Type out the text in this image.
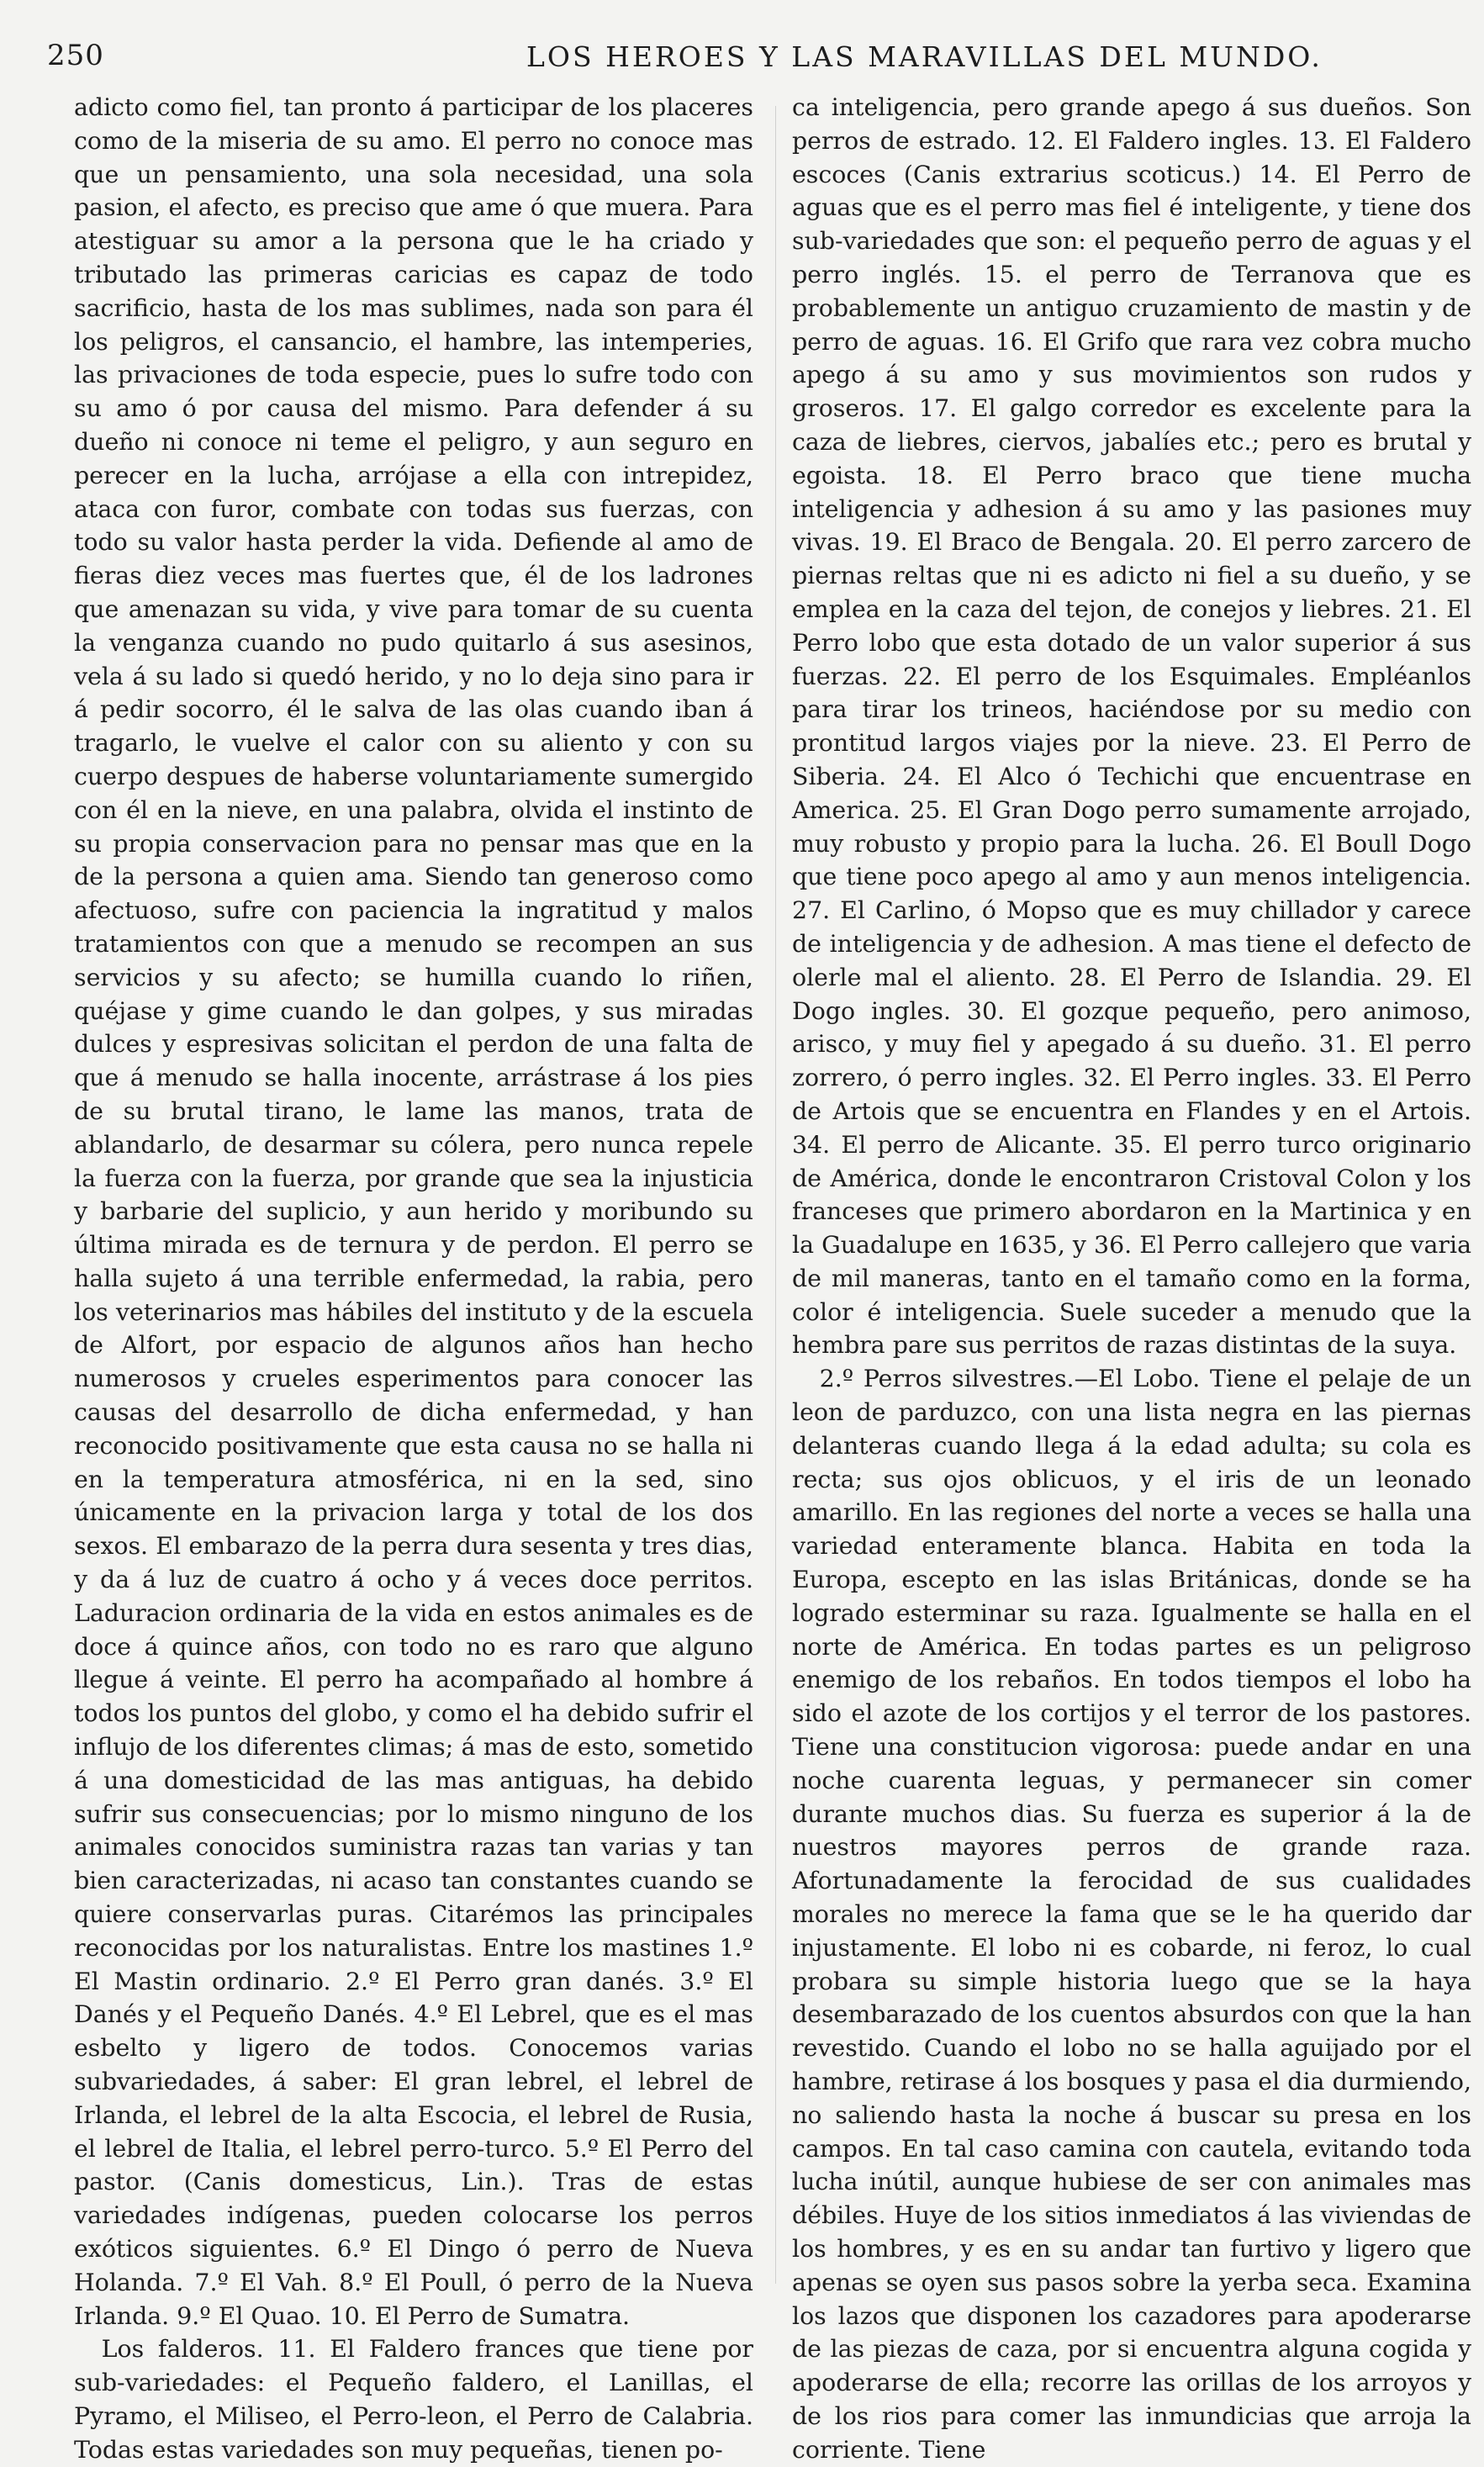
250	LOS HEROES Y LAS MARAVILLAS DEL MUNDO.

adicto como fiel, tan pronto á participar de los placeres como de la miseria de su amo. El perro no conoce mas que un pensamiento, una sola necesidad, una sola pasion, el afecto, es preciso que ame ó que muera. Para atestiguar su amor a la persona que le ha criado y tributado las primeras caricias es capaz de todo sacrificio, hasta de los mas sublimes, nada son para él los peligros, el cansancio, el hambre, las intemperies, las privaciones de toda especie, pues lo sufre todo con su amo ó por causa del mismo. Para defender á su dueño ni conoce ni teme el peligro, y aun seguro en perecer en la lucha, arrójase a ella con intrepidez, ataca con furor, combate con todas sus fuerzas, con todo su valor hasta perder la vida. Defiende al amo de fieras diez veces mas fuertes que, él de los ladrones que amenazan su vida, y vive para tomar de su cuenta la venganza cuando no pudo quitarlo á sus asesinos, vela á su lado si quedó herido, y no lo deja sino para ir á pedir socorro, él le salva de las olas cuando iban á tragarlo, le vuelve el calor con su aliento y con su cuerpo despues de haberse voluntariamente sumergido con él en la nieve, en una palabra, olvida el instinto de su propia conservacion para no pensar mas que en la de la persona a quien ama. Siendo tan generoso como afectuoso, sufre con paciencia la ingratitud y malos tratamientos con que a menudo se recompen an sus servicios y su afecto; se humilla cuando lo riñen, quéjase y gime cuando le dan golpes, y sus miradas dulces y espresivas solicitan el perdon de una falta de que á menudo se halla inocente, arrástrase á los pies de su brutal tirano, le lame las manos, trata de ablandarlo, de desarmar su cólera, pero nunca repele la fuerza con la fuerza, por grande que sea la injusticia y barbarie del suplicio, y aun herido y moribundo su última mirada es de ternura y de perdon. El perro se halla sujeto á una terrible enfermedad, la rabia, pero los veterinarios mas hábiles del instituto y de la escuela de Alfort, por espacio de algunos años han hecho numerosos y crueles esperimentos para conocer las causas del desarrollo de dicha enfermedad, y han reconocido positivamente que esta causa no se halla ni en la temperatura atmosférica, ni en la sed, sino únicamente en la privacion larga y total de los dos sexos. El embarazo de la perra dura sesenta y tres dias, y da á luz de cuatro á ocho y á veces doce perritos. Laduracion ordinaria de la vida en estos animales es de doce á quince años, con todo no es raro que alguno llegue á veinte. El perro ha acompañado al hombre á todos los puntos del globo, y como el ha debido sufrir el influjo de los diferentes climas; á mas de esto, sometido á una domesticidad de las mas antiguas, ha debido sufrir sus consecuencias; por lo mismo ninguno de los animales conocidos suministra razas tan varias y tan bien caracterizadas, ni acaso tan constantes cuando se quiere conservarlas puras. Citarémos las principales reconocidas por los naturalistas. Entre los mastines 1.º El Mastin ordinario. 2.º El Perro gran danés. 3.º El Danés y el Pequeño Danés. 4.º El Lebrel, que es el mas esbelto y ligero de todos. Conocemos varias subvariedades, á saber: El gran lebrel, el lebrel de Irlanda, el lebrel de la alta Escocia, el lebrel de Rusia, el lebrel de Italia, el lebrel perro-turco. 5.º El Perro del pastor. (Canis domesticus, Lin.). Tras de estas variedades indígenas, pueden colocarse los perros exóticos siguientes. 6.º El Dingo ó perro de Nueva Holanda. 7.º El Vah. 8.º El Poull, ó perro de la Nueva Irlanda. 9.º El Quao. 10. El Perro de Sumatra.

Los falderos. 11. El Faldero frances que tiene por sub-variedades: el Pequeño faldero, el Lanillas, el Pyramo, el Miliseo, el Perro-leon, el Perro de Calabria. Todas estas variedades son muy pequeñas, tienen po-

ca inteligencia, pero grande apego á sus dueños. Son perros de estrado. 12. El Faldero ingles. 13. El Faldero escoces (Canis extrarius scoticus.) 14. El Perro de aguas que es el perro mas fiel é inteligente, y tiene dos sub-variedades que son: el pequeño perro de aguas y el perro inglés. 15. el perro de Terranova que es probablemente un antiguo cruzamiento de mastin y de perro de aguas. 16. El Grifo que rara vez cobra mucho apego á su amo y sus movimientos son rudos y groseros. 17. El galgo corredor es excelente para la caza de liebres, ciervos, jabalíes etc.; pero es brutal y egoista. 18. El Perro braco que tiene mucha inteligencia y adhesion á su amo y las pasiones muy vivas. 19. El Braco de Bengala. 20. El perro zarcero de piernas reltas que ni es adicto ni fiel a su dueño, y se emplea en la caza del tejon, de conejos y liebres. 21. El Perro lobo que esta dotado de un valor superior á sus fuerzas. 22. El perro de los Esquimales. Empléanlos para tirar los trineos, haciéndose por su medio con prontitud largos viajes por la nieve. 23. El Perro de Siberia. 24. El Alco ó Techichi que encuentrase en America. 25. El Gran Dogo perro sumamente arrojado, muy robusto y propio para la lucha. 26. El Boull Dogo que tiene poco apego al amo y aun menos inteligencia. 27. El Carlino, ó Mopso que es muy chillador y carece de inteligencia y de adhesion. A mas tiene el defecto de olerle mal el aliento. 28. El Perro de Islandia. 29. El Dogo ingles. 30. El gozque pequeño, pero animoso, arisco, y muy fiel y apegado á su dueño. 31. El perro zorrero, ó perro ingles. 32. El Perro ingles. 33. El Perro de Artois que se encuentra en Flandes y en el Artois. 34. El perro de Alicante. 35. El perro turco originario de América, donde le encontraron Cristoval Colon y los franceses que primero abordaron en la Martinica y en la Guadalupe en 1635, y 36. El Perro callejero que varia de mil maneras, tanto en el tamaño como en la forma, color é inteligencia. Suele suceder a menudo que la hembra pare sus perritos de razas distintas de la suya.

2.º Perros silvestres.—El Lobo. Tiene el pelaje de un leon de parduzco, con una lista negra en las piernas delanteras cuando llega á la edad adulta; su cola es recta; sus ojos oblicuos, y el iris de un leonado amarillo. En las regiones del norte a veces se halla una variedad enteramente blanca. Habita en toda la Europa, escepto en las islas Británicas, donde se ha logrado esterminar su raza. Igualmente se halla en el norte de América. En todas partes es un peligroso enemigo de los rebaños. En todos tiempos el lobo ha sido el azote de los cortijos y el terror de los pastores. Tiene una constitucion vigorosa: puede andar en una noche cuarenta leguas, y permanecer sin comer durante muchos dias. Su fuerza es superior á la de nuestros mayores perros de grande raza. Afortunadamente la ferocidad de sus cualidades morales no merece la fama que se le ha querido dar injustamente. El lobo ni es cobarde, ni feroz, lo cual probara su simple historia luego que se la haya desembarazado de los cuentos absurdos con que la han revestido. Cuando el lobo no se halla aguijado por el hambre, retirase á los bosques y pasa el dia durmiendo, no saliendo hasta la noche á buscar su presa en los campos. En tal caso camina con cautela, evitando toda lucha inútil, aunque hubiese de ser con animales mas débiles. Huye de los sitios inmediatos á las viviendas de los hombres, y es en su andar tan furtivo y ligero que apenas se oyen sus pasos sobre la yerba seca. Examina los lazos que disponen los cazadores para apoderarse de las piezas de caza, por si encuentra alguna cogida y apoderarse de ella; recorre las orillas de los arroyos y de los rios para comer las inmundicias que arroja la corriente. Tiene
